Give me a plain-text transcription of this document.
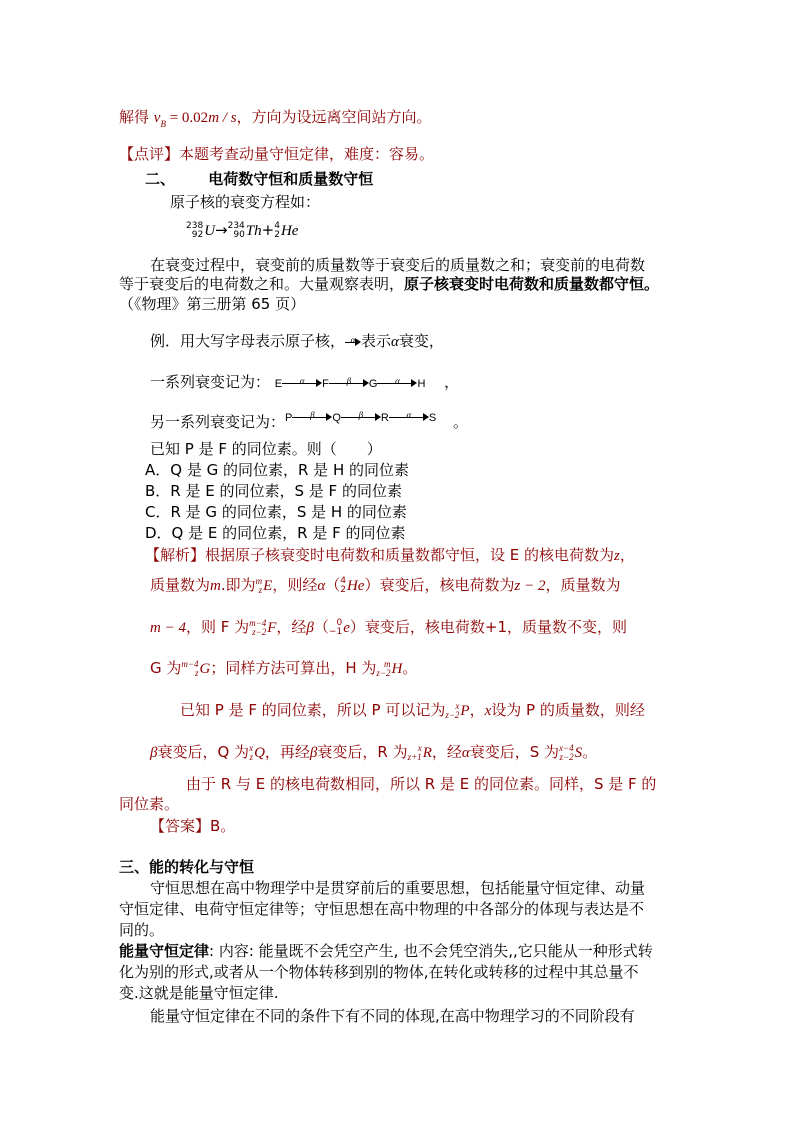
解得 $v_B = 0.02m / s$，方向为设远离空间站方向。
【点评】本题考查动量守恒定律，难度：容易。
二、 电荷数守恒和质量数守恒
原子核的衰变方程如：
238
92 U→ 234
90 Th+ 4
2 He
在衰变过程中，衰变前的质量数等于衰变后的质量数之和；衰变前的电荷数
等于衰变后的电荷数之和。大量观察表明，原子核衰变时电荷数和质量数都守恒。
（《物理》第三册第 65 页）
例．用大写字母表示原子核， α 表示α衰变，
一系列衰变记为： E	α	F	β	G	α	H ，
另一系列衰变记为：$^P$	β	$^Q$	β	$^R$	α	$^S$ 。
已知 P 是 F 的同位素。则（　　）
A．Q 是 G 的同位素，R 是 H 的同位素
B．R 是 E 的同位素，S 是 F 的同位素
C．R 是 G 的同位素，S 是 H 的同位素
D．Q 是 E 的同位素，R 是 F 的同位素
【解析】根据原子核衰变时电荷数和质量数都守恒，设 E 的核电荷数为z，
质量数为m.即为 m
z E，则经α（ 4
2 He）衰变后，核电荷数为z − 2，质量数为
m − 4，则 F 为 m−4
z−2 F，经β（ 0
−1 e）衰变后，核电荷数+1，质量数不变，则
G 为 m−4
z G；同样方法可算出，H 为 m
z−2 H。
已知 P 是 F 的同位素，所以 P 可以记为	x
z−2 P，x设为 P 的质量数，则经
β衰变后，Q 为 x
z Q，再经β衰变后，R 为	x
z+1 R，经α衰变后，S 为 x−4
z−2 S。
由于 R 与 E 的核电荷数相同，所以 R 是 E 的同位素。同样，S 是 F 的
同位素。
【答案】B。
三、能的转化与守恒
守恒思想在高中物理学中是贯穿前后的重要思想，包括能量守恒定律、动量
守恒定律、电荷守恒定律等；守恒思想在高中物理的中各部分的体现与表达是不
同的。
能量守恒定律: 内容: 能量既不会凭空产生, 也不会凭空消失,,它只能从一种形式转
化为别的形式,或者从一个物体转移到别的物体,在转化或转移的过程中其总量不
变.这就是能量守恒定律.
能量守恒定律在不同的条件下有不同的体现,在高中物理学习的不同阶段有
